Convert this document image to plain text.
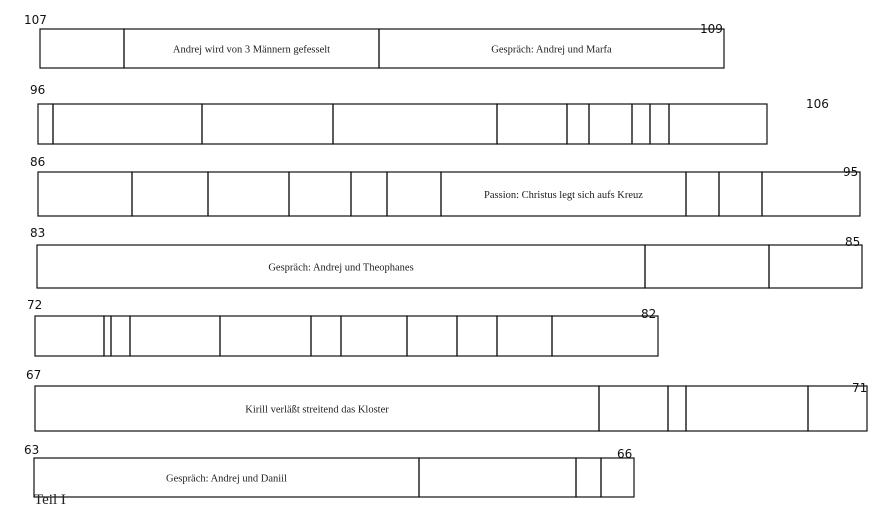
Andrej wird von 3 Männern gefesselt	Gespräch: Andrej und Marfa
107
109
96
106
Passion: Christus legt sich aufs Kreuz
86
95
Gespräch: Andrej und Theophanes
83
85
72
82
Kirill verläßt streitend das Kloster
67
71
Gespräch: Andrej und Daniil
63	66
Teil I
